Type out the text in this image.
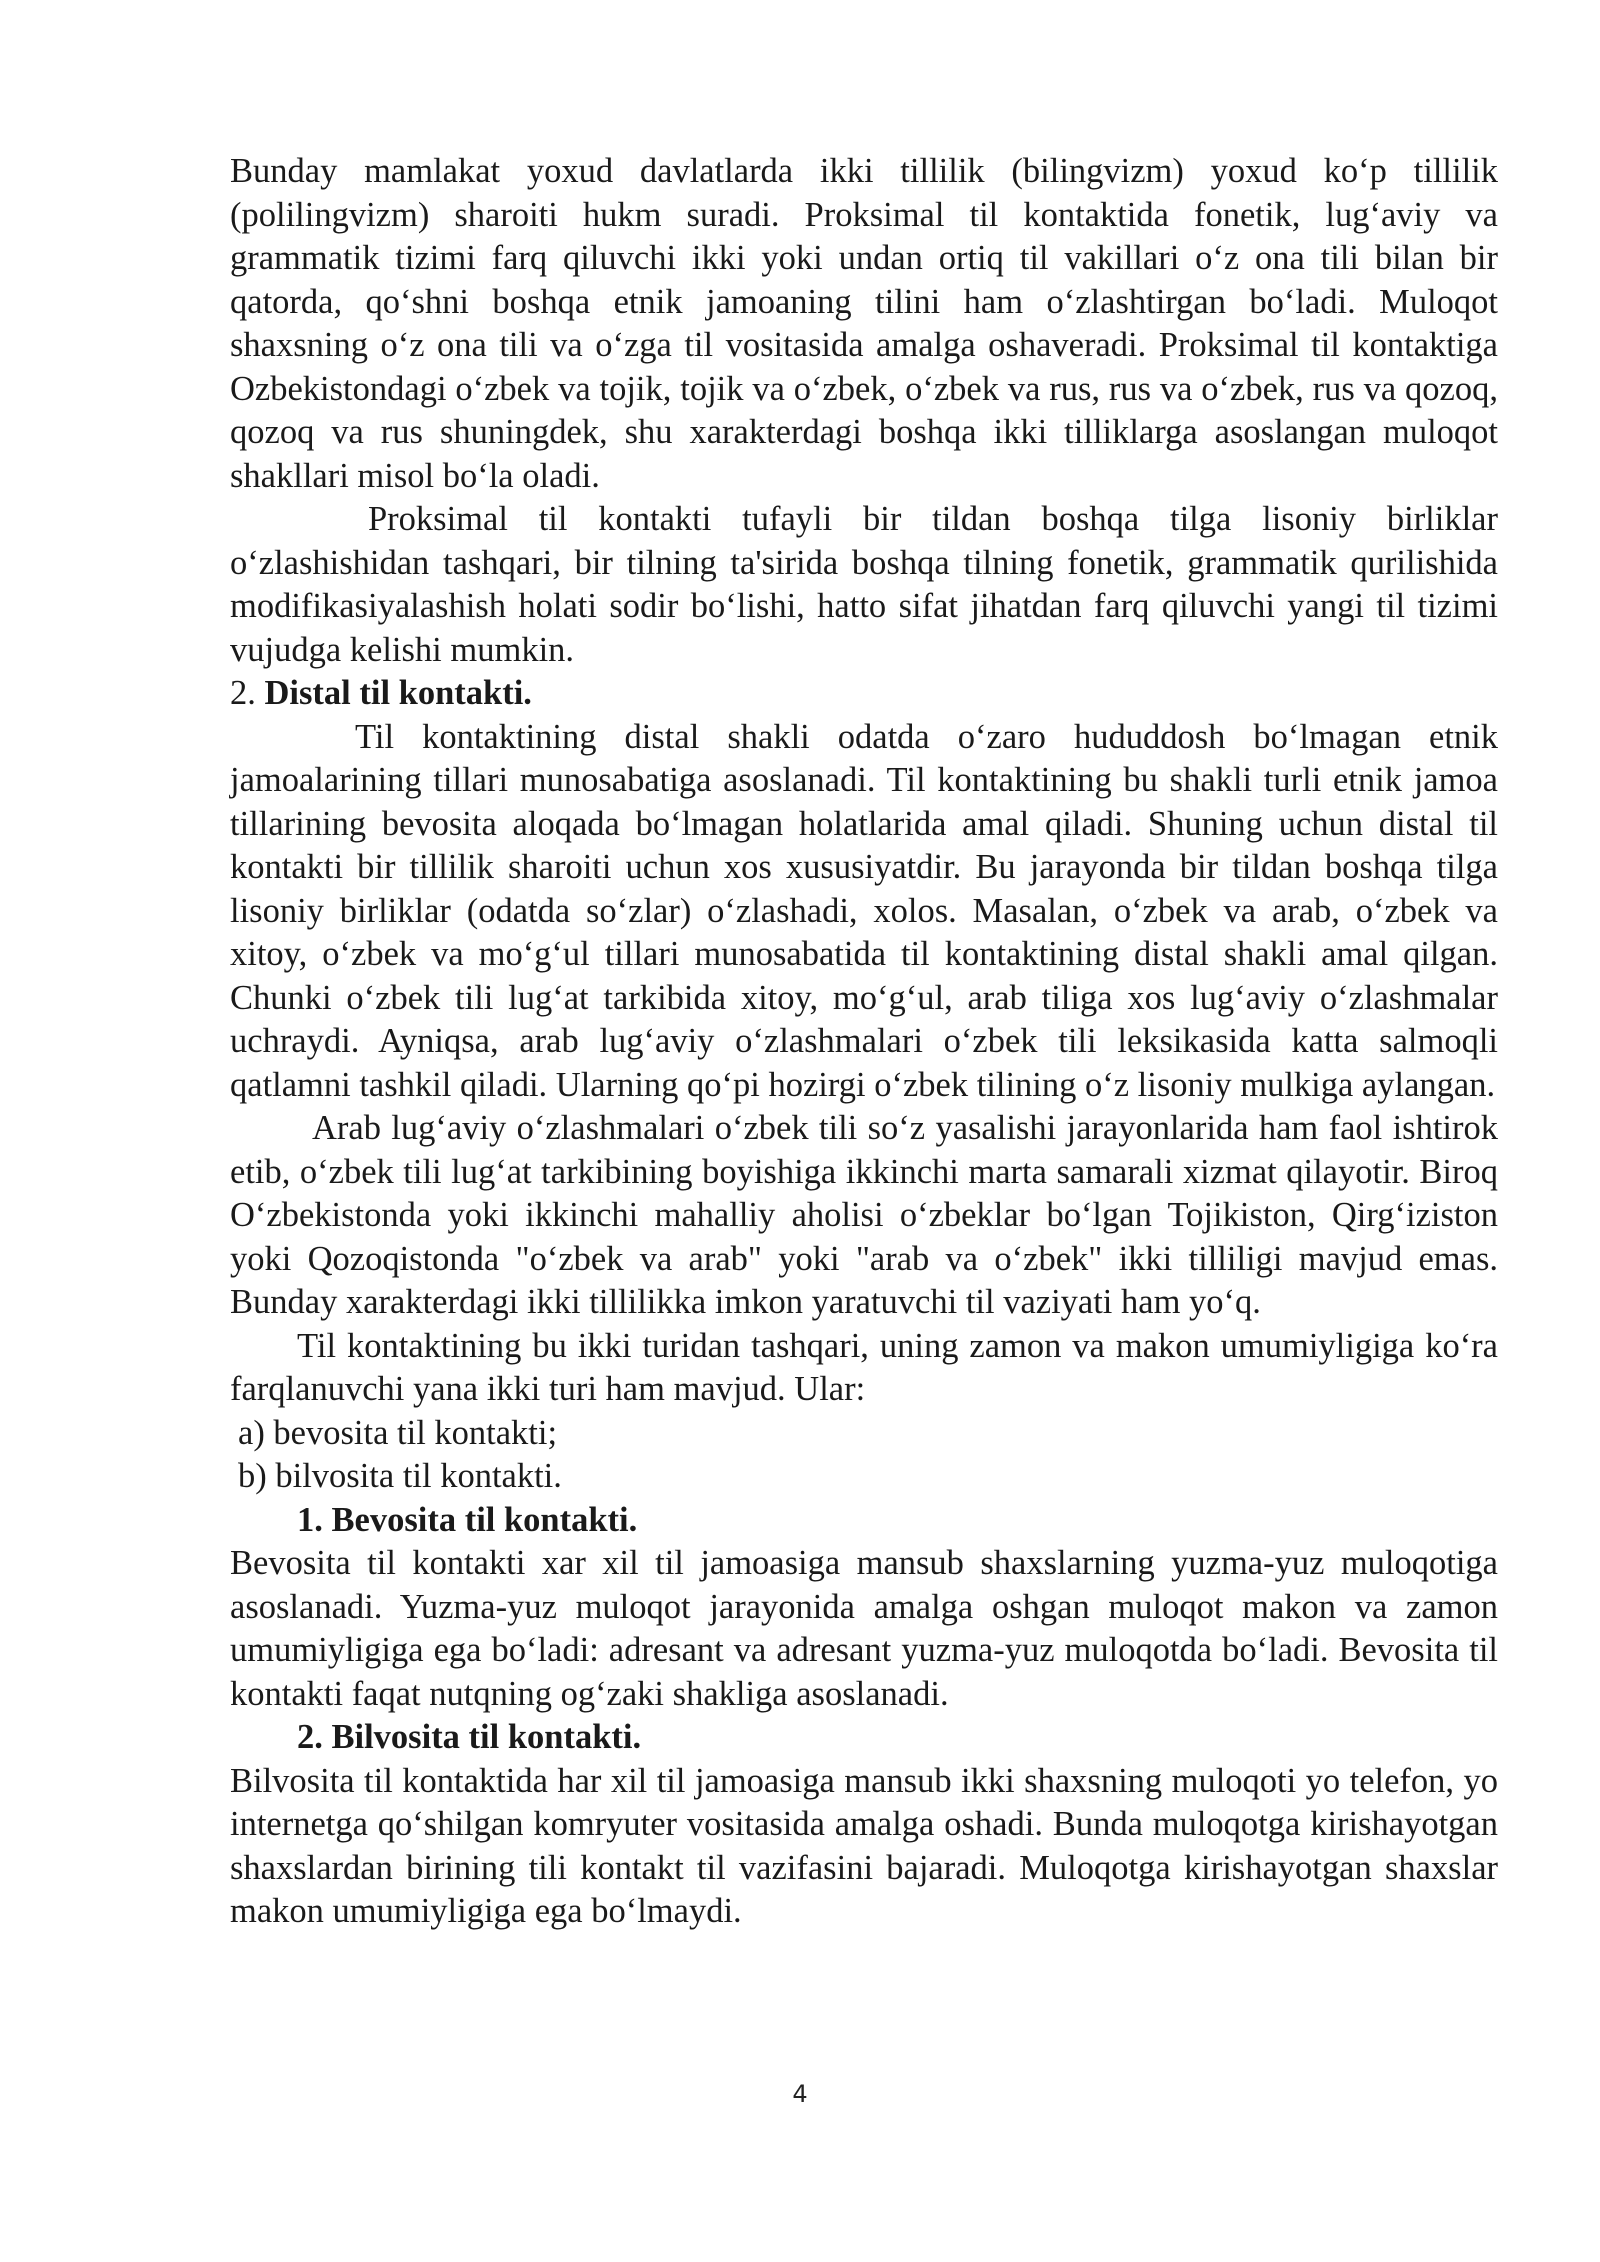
Bunday mamlakat yoxud davlatlarda ikki tillilik (bilingvizm) yoxud ko‘p tillilik (polilingvizm) sharoiti hukm suradi. Proksimal til kontaktida fonetik, lug‘aviy va grammatik tizimi farq qiluvchi ikki yoki undan ortiq til vakillari o‘z ona tili bilan bir qatorda, qo‘shni boshqa etnik jamoaning tilini ham o‘zlashtirgan bo‘ladi. Muloqot shaxsning o‘z ona tili va o‘zga til vositasida amalga oshaveradi. Proksimal til kontaktiga Ozbekistondagi o‘zbek va tojik, tojik va o‘zbek, o‘zbek va rus, rus va o‘zbek, rus va qozoq, qozoq va rus shuningdek, shu xarakterdagi boshqa ikki tilliklarga asoslangan muloqot shakllari misol bo‘la oladi.

Proksimal til kontakti tufayli bir tildan boshqa tilga lisoniy birliklar o‘zlashishidan tashqari, bir tilning ta'sirida boshqa tilning fonetik, grammatik qurilishida modifikasiyalashish holati sodir bo‘lishi, hatto sifat jihatdan farq qiluvchi yangi til tizimi vujudga kelishi mumkin.

2. Distal til kontakti.

Til kontaktining distal shakli odatda o‘zaro hududdosh bo‘lmagan etnik jamoalarining tillari munosabatiga asoslanadi. Til kontaktining bu shakli turli etnik jamoa tillarining bevosita aloqada bo‘lmagan holatlarida amal qiladi. Shuning uchun distal til kontakti bir tillilik sharoiti uchun xos xususiyatdir. Bu jarayonda bir tildan boshqa tilga lisoniy birliklar (odatda so‘zlar) o‘zlashadi, xolos. Masalan, o‘zbek va arab, o‘zbek va xitoy, o‘zbek va mo‘g‘ul tillari munosabatida til kontaktining distal shakli amal qilgan. Chunki o‘zbek tili lug‘at tarkibida xitoy, mo‘g‘ul, arab tiliga xos lug‘aviy o‘zlashmalar uchraydi. Ayniqsa, arab lug‘aviy o‘zlashmalari o‘zbek tili leksikasida katta salmoqli qatlamni tashkil qiladi. Ularning qo‘pi hozirgi o‘zbek tilining o‘z lisoniy mulkiga aylangan.

Arab lug‘aviy o‘zlashmalari o‘zbek tili so‘z yasalishi jarayonlarida ham faol ishtirok etib, o‘zbek tili lug‘at tarkibining boyishiga ikkinchi marta samarali xizmat qilayotir. Biroq O‘zbekistonda yoki ikkinchi mahalliy aholisi o‘zbeklar bo‘lgan Tojikiston, Qirg‘iziston yoki Qozoqistonda "o‘zbek va arab" yoki "arab va o‘zbek" ikki tilliligi mavjud emas. Bunday xarakterdagi ikki tillilikka imkon yaratuvchi til vaziyati ham yo‘q.

Til kontaktining bu ikki turidan tashqari, uning zamon va makon umumiyligiga ko‘ra farqlanuvchi yana ikki turi ham mavjud. Ular:

a) bevosita til kontakti;

b) bilvosita til kontakti.

1. Bevosita til kontakti.

Bevosita til kontakti xar xil til jamoasiga mansub shaxslarning yuzma-yuz muloqotiga asoslanadi. Yuzma-yuz muloqot jarayonida amalga oshgan muloqot makon va zamon umumiyligiga ega bo‘ladi: adresant va adresant yuzma-yuz muloqotda bo‘ladi. Bevosita til kontakti faqat nutqning og‘zaki shakliga asoslanadi.

2. Bilvosita til kontakti.

Bilvosita til kontaktida har xil til jamoasiga mansub ikki shaxsning muloqoti yo telefon, yo internetga qo‘shilgan komryuter vositasida amalga oshadi. Bunda muloqotga kirishayotgan shaxslardan birining tili kontakt til vazifasini bajaradi. Muloqotga kirishayotgan shaxslar makon umumiyligiga ega bo‘lmaydi.

4
